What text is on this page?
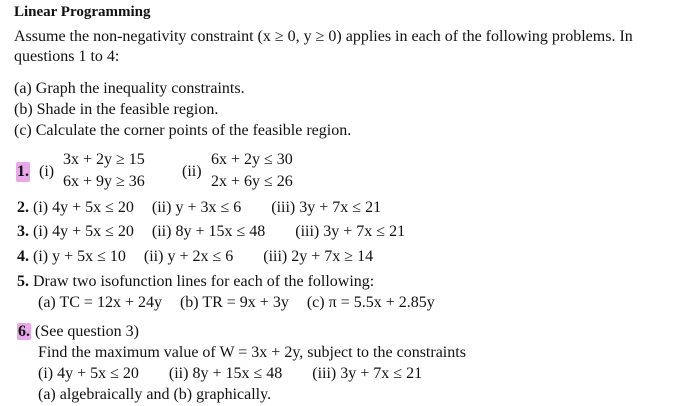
Linear Programming
Assume the non-negativity constraint (x ≥ 0, y ≥ 0) applies in each of the following problems. In
questions 1 to 4:
(a) Graph the inequality constraints.
(b) Shade in the feasible region.
(c) Calculate the corner points of the feasible region.
1. (i)
3x + 2y ≥ 15
6x + 9y ≥ 36
(ii)
6x + 2y ≤ 30
2x + 6y ≤ 26
2. (i) 4y + 5x ≤ 20 (ii) y + 3x ≤ 6 (iii) 3y + 7x ≤ 21
3. (i) 4y + 5x ≤ 20 (ii) 8y + 15x ≤ 48 (iii) 3y + 7x ≤ 21
4. (i) y + 5x ≤ 10 (ii) y + 2x ≤ 6 (iii) 2y + 7x ≥ 14
5. Draw two isofunction lines for each of the following:
(a) TC = 12x + 24y (b) TR = 9x + 3y (c) π = 5.5x + 2.85y
6. (See question 3)
Find the maximum value of W = 3x + 2y, subject to the constraints
(i) 4y + 5x ≤ 20 (ii) 8y + 15x ≤ 48 (iii) 3y + 7x ≤ 21
(a) algebraically and (b) graphically.
